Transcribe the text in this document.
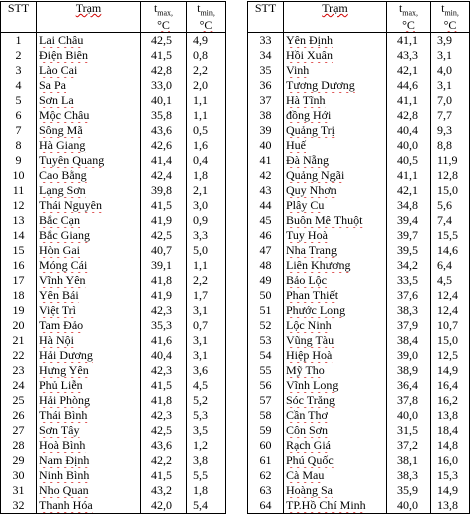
STT	Trạm	$t_{max,}$
°C	$t_{min,}$
°C

1	Lai Châu	42,5	4,9
2	Điện Biên	41,5	0,8
3	Lào Cai	42,8	2,2
4	Sa Pa	33,0	2,0
5	Sơn La	40,1	1,1
6	Mộc Châu	35,8	1,1
7	Sông Mã	43,6	0,5
8	Hà Giang	42,6	1,6
9	Tuyên Quang	41,4	0,4
10	Cao Bằng	42,4	1,8
11	Lạng Sơn	39,8	2,1
12	Thái Nguyên	41,5	3,0
13	Bắc Cạn	41,9	0,9
14	Bắc Giang	42,5	3,3
15	Hòn Gai	40,7	5,0
16	Móng Cái	39,1	1,1
17	Vĩnh Yên	41,8	2,2
18	Yên Bái	41,9	1,7
19	Việt Trì	42,3	3,1
20	Tam Đảo	35,3	0,7
21	Hà Nội	41,6	3,1
22	Hải Dương	40,4	3,1
23	Hưng Yên	42,3	3,6
24	Phủ Liễn	41,5	4,5
25	Hải Phòng	41,8	5,2
26	Thái Bình	42,3	5,3
27	Sơn Tây	42,5	3,5
28	Hoà Bình	43,6	1,2
29	Nam Định	42,2	3,8
30	Ninh Bình	41,5	5,5
31	Nho Quan	43,2	1,8
32	Thanh Hóa	42,0	5,4
STT	Trạm	$t_{max,}$
°C	$t_{min,}$
°C

33	Yên Định	41,1	3,9
34	Hồi Xuân	43,3	3,1
35	Vinh	42,1	4,0
36	Tương Dương	44,6	3,1
37	Hà Tĩnh	41,1	7,0
38	đồng Hới	42,8	7,7
39	Quảng Trị	40,4	9,3
40	Huế	40,0	8,8
41	Đà Nẵng	40,5	11,9
42	Quảng Ngãi	41,1	12,8
43	Quy Nhơn	42,1	15,0
44	Plây Cu	34,8	5,6
45	Buôn Mê Thuột	39,4	7,4
46	Tuy Hoà	39,7	15,5
47	Nha Trang	39,5	14,6
48	Liên Khương	34,2	6,4
49	Bảo Lộc	33,5	4,5
50	Phan Thiết	37,6	12,4
51	Phước Long	38,3	12,4
52	Lộc Ninh	37,9	10,7
53	Vũng Tàu	38,4	15,0
54	Hiệp Hoà	39,0	12,5
55	Mỹ Tho	38,9	14,9
56	Vĩnh Long	36,4	16,4
57	Sóc Trăng	37,8	16,2
58	Cần Thơ	40,0	13,8
59	Côn Sơn	31,5	18,4
60	Rạch Giá	37,2	14,8
61	Phú Quốc	38,1	16,0
62	Cà Mau	38,3	15,3
63	Hoàng Sa	35,9	14,9
64	TP.Hồ Chí Minh	40,0	13,8
